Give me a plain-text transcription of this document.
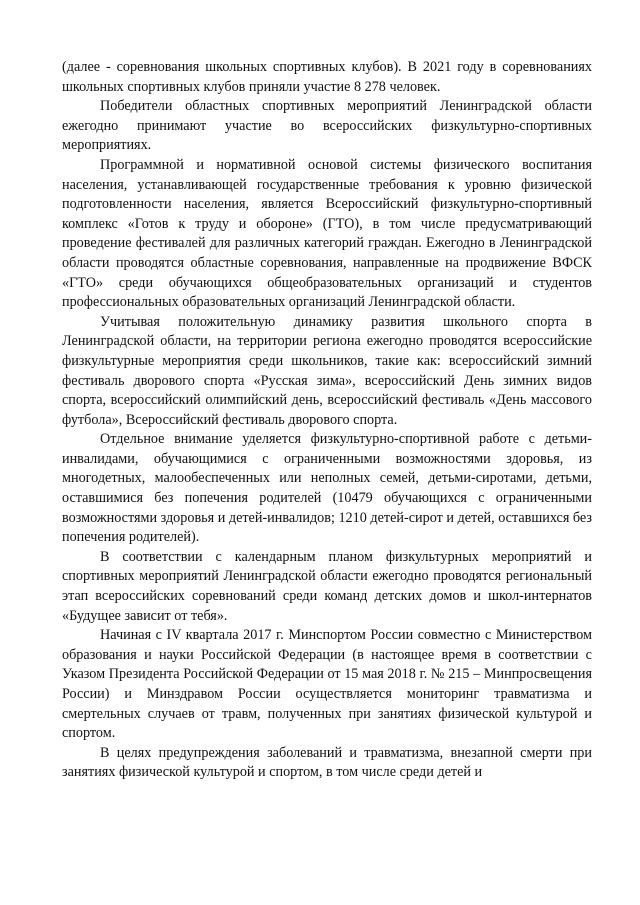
(далее - соревнования школьных спортивных клубов). В 2021 году в соревнованиях школьных спортивных клубов приняли участие 8 278 человек.

Победители областных спортивных мероприятий Ленинградской области ежегодно принимают участие во всероссийских физкультурно-спортивных мероприятиях.

Программной и нормативной основой системы физического воспитания населения, устанавливающей государственные требования к уровню физической подготовленности населения, является Всероссийский физкультурно-спортивный комплекс «Готов к труду и обороне» (ГТО), в том числе предусматривающий проведение фестивалей для различных категорий граждан. Ежегодно в Ленинградской области проводятся областные соревнования, направленные на продвижение ВФСК «ГТО» среди обучающихся общеобразовательных организаций и студентов профессиональных образовательных организаций Ленинградской области.

Учитывая положительную динамику развития школьного спорта в Ленинградской области, на территории региона ежегодно проводятся всероссийские физкультурные мероприятия среди школьников, такие как: всероссийский зимний фестиваль дворового спорта «Русская зима», всероссийский День зимних видов спорта, всероссийский олимпийский день, всероссийский фестиваль «День массового футбола», Всероссийский фестиваль дворового спорта.

Отдельное внимание уделяется физкультурно-спортивной работе с детьми-инвалидами, обучающимися с ограниченными возможностями здоровья, из многодетных, малообеспеченных или неполных семей, детьми-сиротами, детьми, оставшимися без попечения родителей (10479 обучающихся с ограниченными возможностями здоровья и детей-инвалидов; 1210 детей-сирот и детей, оставшихся без попечения родителей).

В соответствии с календарным планом физкультурных мероприятий и спортивных мероприятий Ленинградской области ежегодно проводятся региональный этап всероссийских соревнований среди команд детских домов и школ-интернатов «Будущее зависит от тебя».

Начиная с IV квартала 2017 г. Минспортом России совместно с Министерством образования и науки Российской Федерации (в настоящее время в соответствии с Указом Президента Российской Федерации от 15 мая 2018 г. № 215 – Минпросвещения России) и Минздравом России осуществляется мониторинг травматизма и смертельных случаев от травм, полученных при занятиях физической культурой и спортом.

В целях предупреждения заболеваний и травматизма, внезапной смерти при занятиях физической культурой и спортом, в том числе среди детей и
